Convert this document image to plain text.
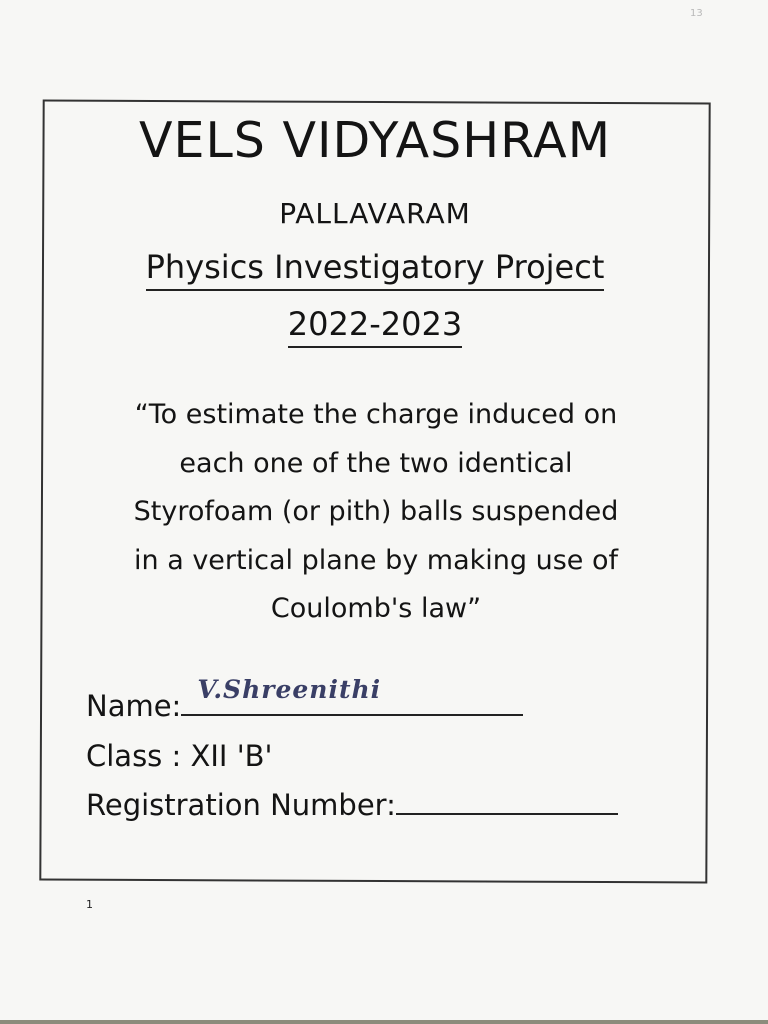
13
VELS VIDYASHRAM
PALLAVARAM
Physics Investigatory Project
2022-2023
“To estimate the charge induced on
each one of the two identical
Styrofoam (or pith) balls suspended
in a vertical plane by making use of
Coulomb's law”
Name: V.Shreenithi
Class : XII 'B'
Registration Number:
1
